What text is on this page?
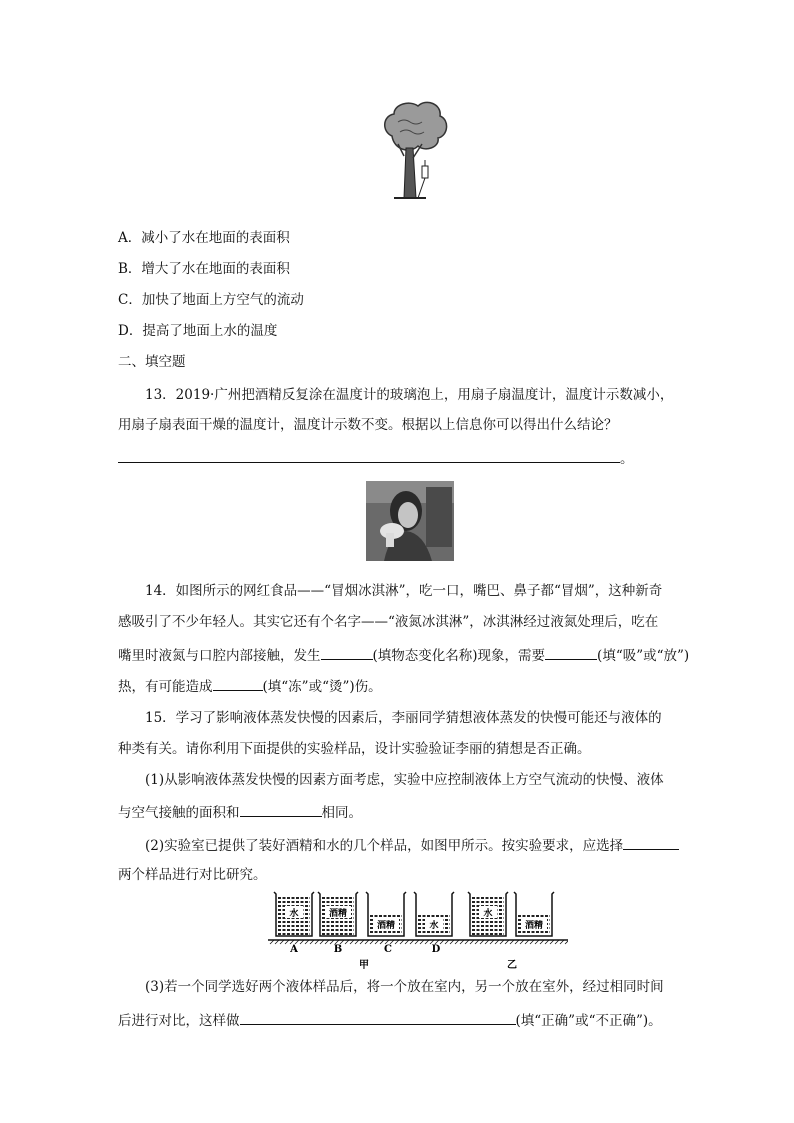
A．减小了水在地面的表面积
B．增大了水在地面的表面积
C．加快了地面上方空气的流动
D．提高了地面上水的温度
二、填空题
13．2019·广州把酒精反复涂在温度计的玻璃泡上，用扇子扇温度计，温度计示数减小，
用扇子扇表面干燥的温度计，温度计示数不变。根据以上信息你可以得出什么结论？
。
14．如图所示的网红食品——“冒烟冰淇淋”，吃一口，嘴巴、鼻子都“冒烟”，这种新奇
感吸引了不少年轻人。其实它还有个名字——“液氮冰淇淋”，冰淇淋经过液氮处理后，吃在
嘴里时液氮与口腔内部接触，发生	(填物态变化名称)现象，需要	(填“吸”或“放”)
热，有可能造成	(填“冻”或“烫”)伤。
15．学习了影响液体蒸发快慢的因素后，李丽同学猜想液体蒸发的快慢可能还与液体的
种类有关。请你利用下面提供的实验样品，设计实验验证李丽的猜想是否正确。
(1)从影响液体蒸发快慢的因素方面考虑，实验中应控制液体上方空气流动的快慢、液体
与空气接触的面积和	相同。
(2)实验室已提供了装好酒精和水的几个样品，如图甲所示。按实验要求，应选择
两个样品进行对比研究。
水	酒精
酒精	水
水
酒精
A	B	C	D
甲	乙
(3)若一个同学选好两个液体样品后，将一个放在室内，另一个放在室外，经过相同时间
后进行对比，这样做	(填“正确”或“不正确”)。
